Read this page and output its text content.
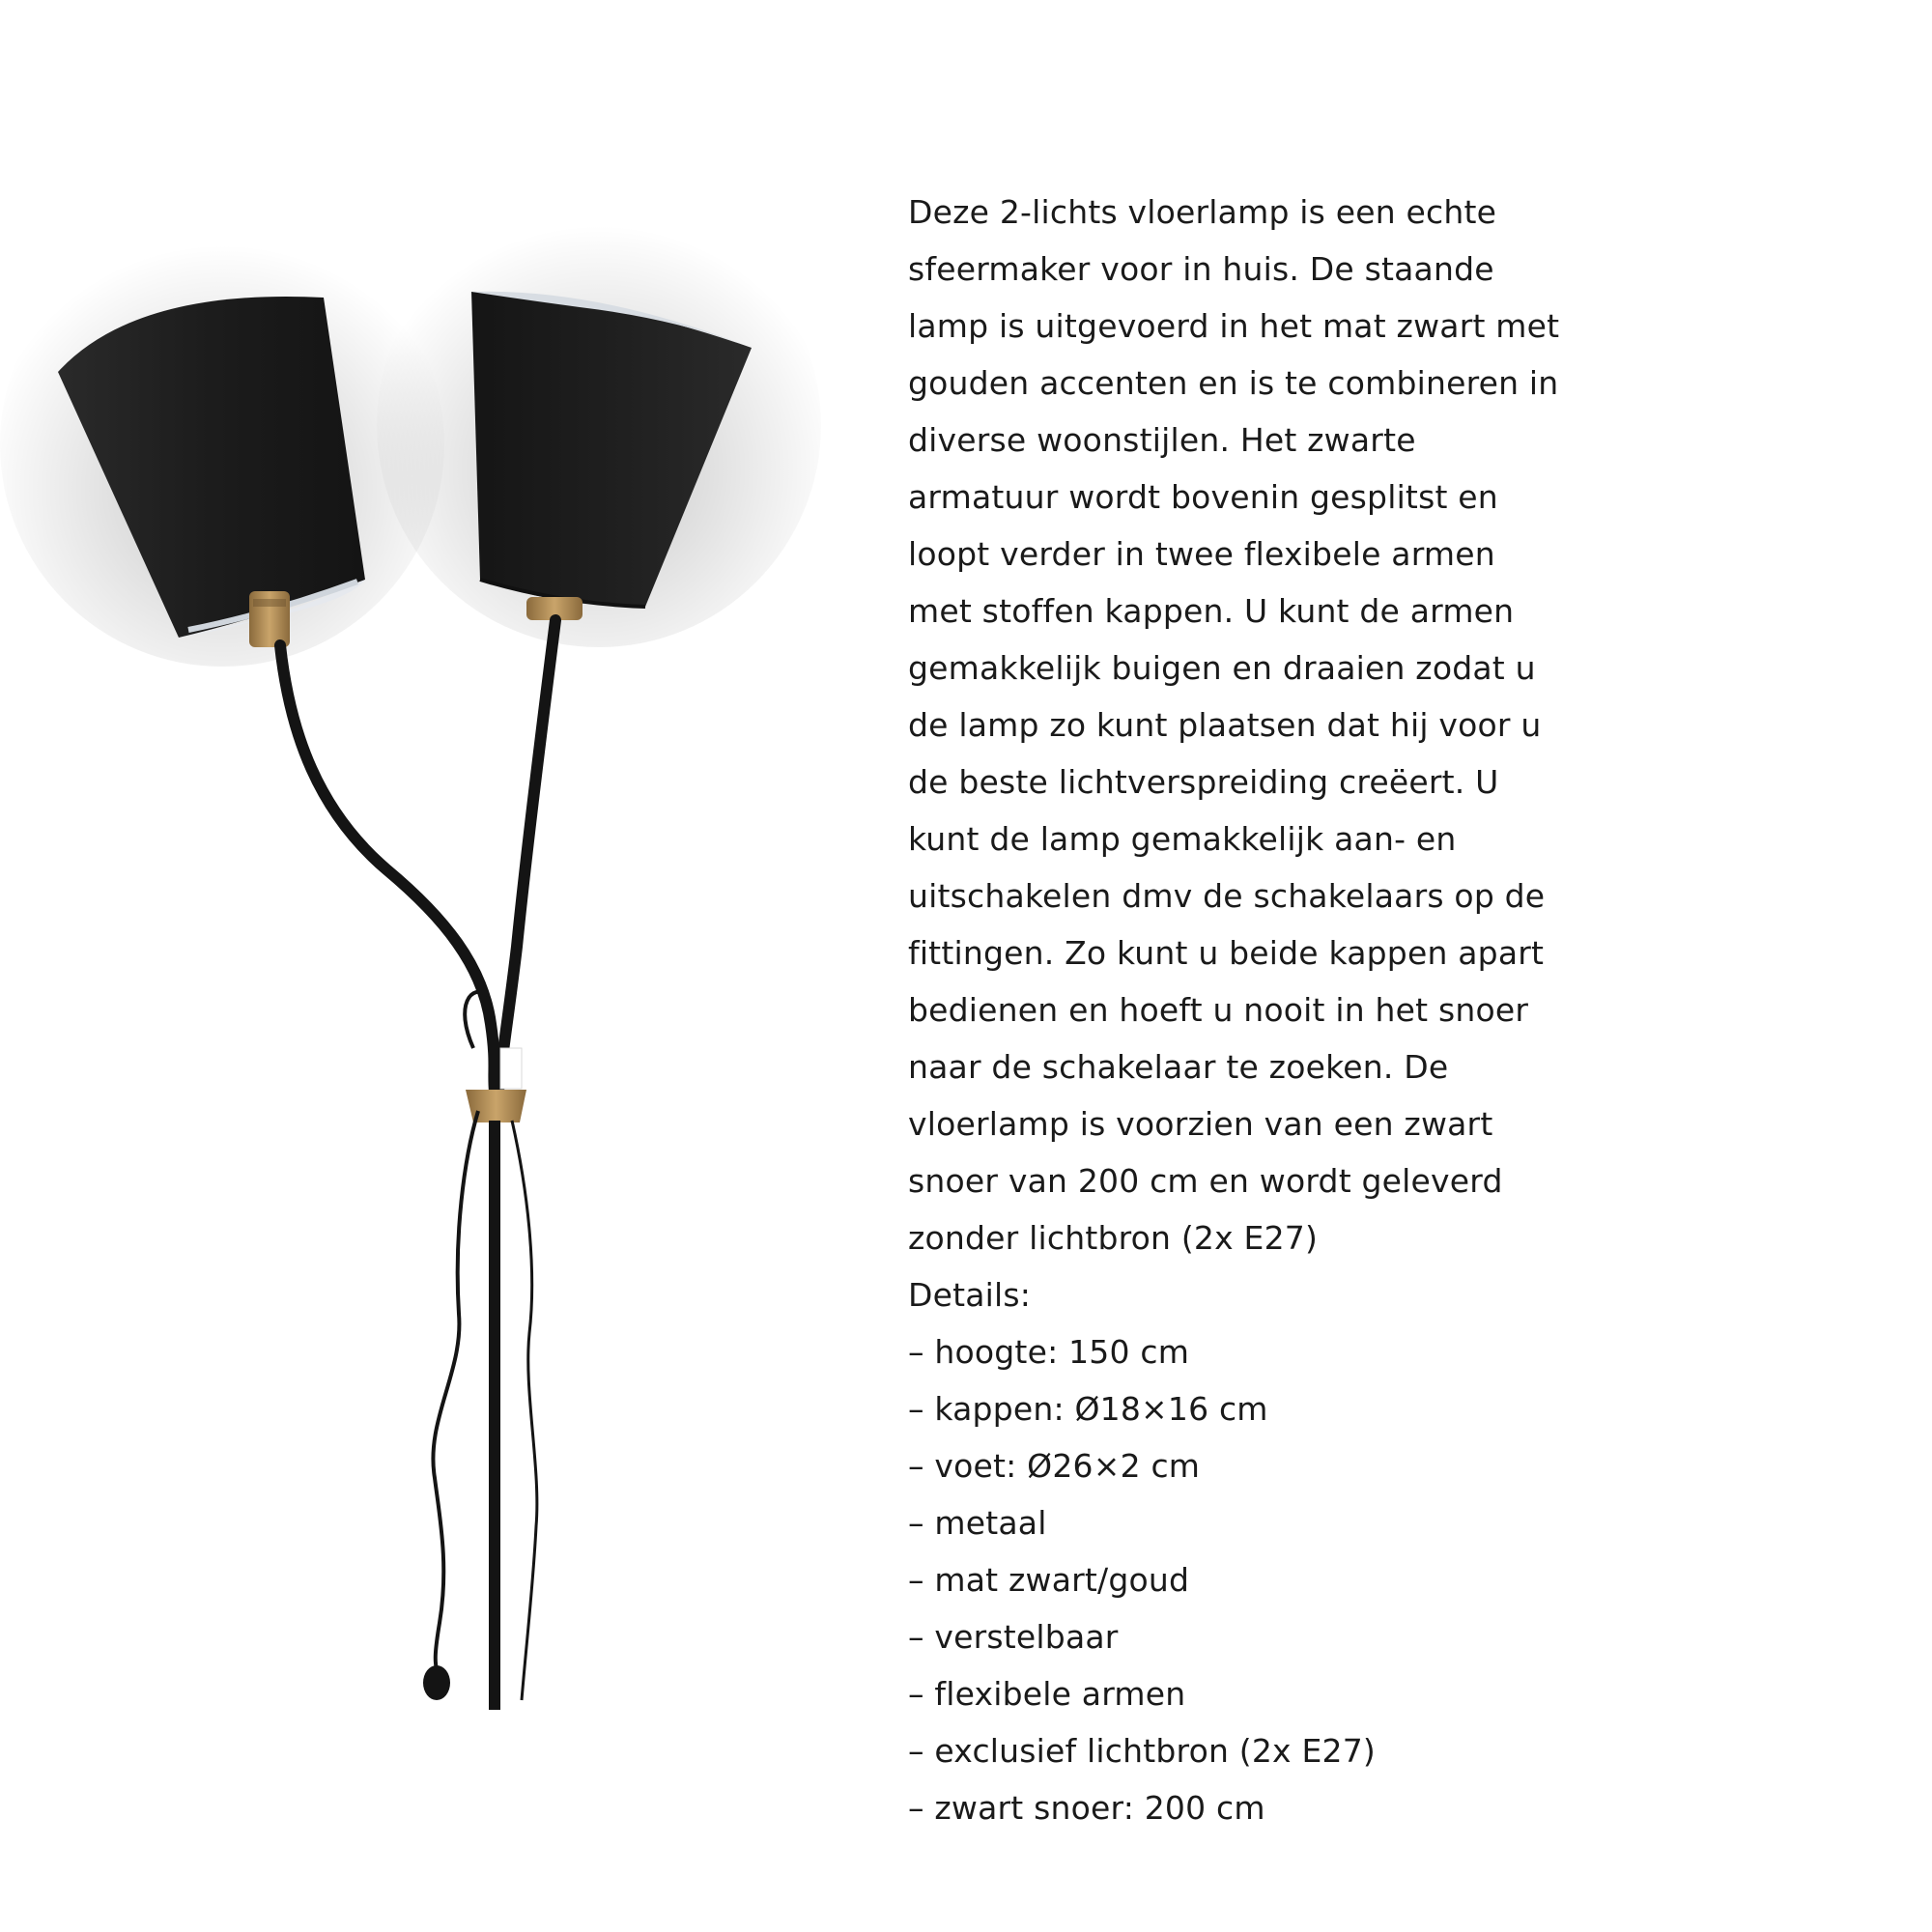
Deze 2-lichts vloerlamp is een echte sfeermaker voor in huis. De staande lamp is uitgevoerd in het mat zwart met gouden accenten en is te combineren in diverse woonstijlen. Het zwarte armatuur wordt bovenin gesplitst en loopt verder in twee flexibele armen met stoffen kappen. U kunt de armen gemakkelijk buigen en draaien zodat u de lamp zo kunt plaatsen dat hij voor u de beste lichtverspreiding creëert. U kunt de lamp gemakkelijk aan- en uitschakelen dmv de schakelaars op de fittingen. Zo kunt u beide kappen apart bedienen en hoeft u nooit in het snoer naar de schakelaar te zoeken. De vloerlamp is voorzien van een zwart snoer van 200 cm en wordt geleverd zonder lichtbron (2x E27)

Details:

– hoogte: 150 cm
– kappen: Ø18×16 cm
– voet: Ø26×2 cm
– metaal
– mat zwart/goud
– verstelbaar
– flexibele armen
– exclusief lichtbron (2x E27)
– zwart snoer: 200 cm
